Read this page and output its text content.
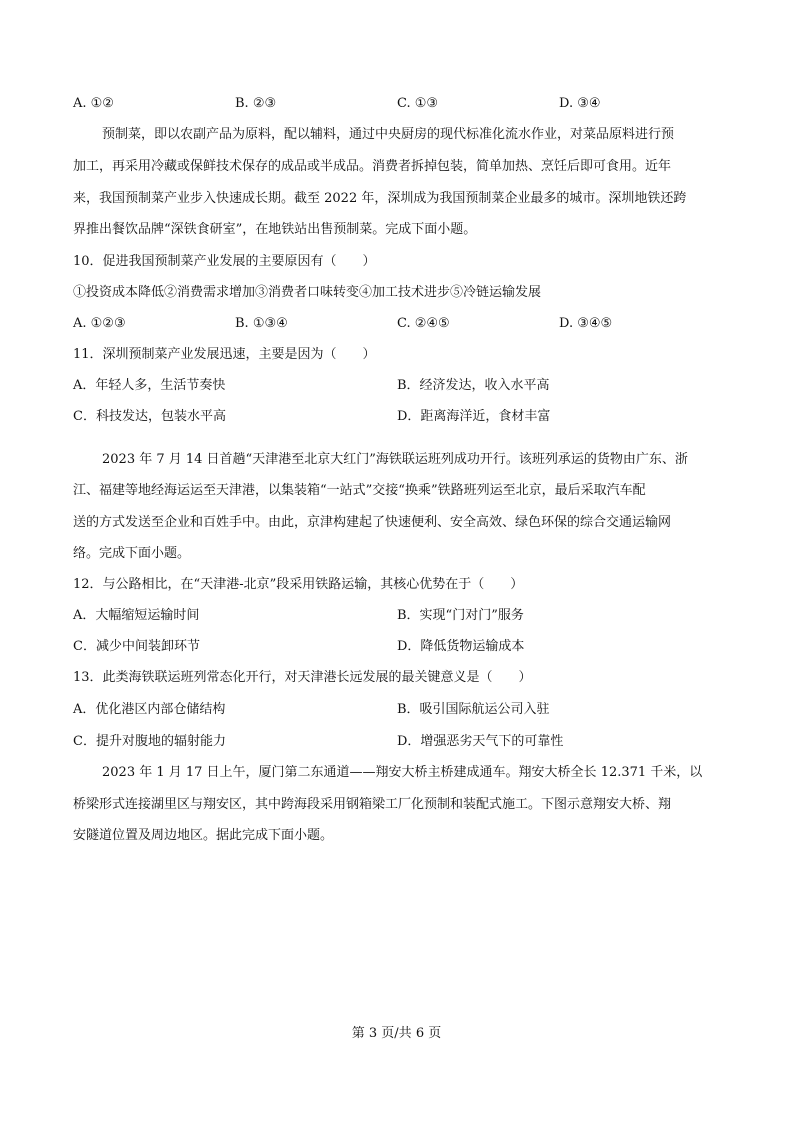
A. ①②	B. ②③	C. ①③	D. ③④
预制菜，即以农副产品为原料，配以辅料，通过中央厨房的现代标准化流水作业，对菜品原料进行预
加工，再采用冷藏或保鲜技术保存的成品或半成品。消费者拆掉包装，简单加热、烹饪后即可食用。近年
来，我国预制菜产业步入快速成长期。截至 2022 年，深圳成为我国预制菜企业最多的城市。深圳地铁还跨
界推出餐饮品牌“深铁食研室”，在地铁站出售预制菜。完成下面小题。
10．促进我国预制菜产业发展的主要原因有（　　）
①投资成本降低②消费需求增加③消费者口味转变④加工技术进步⑤冷链运输发展
A. ①②③	B. ①③④	C. ②④⑤	D. ③④⑤
11．深圳预制菜产业发展迅速，主要是因为（　　）
A．年轻人多，生活节奏快	B．经济发达，收入水平高
C．科技发达，包装水平高	D．距离海洋近，食材丰富
2023 年 7 月 14 日首趟“天津港至北京大红门”海铁联运班列成功开行。该班列承运的货物由广东、浙
江、福建等地经海运运至天津港，以集装箱“一站式”交接“换乘”铁路班列运至北京，最后采取汽车配
送的方式发送至企业和百姓手中。由此，京津构建起了快速便利、安全高效、绿色环保的综合交通运输网
络。完成下面小题。
12．与公路相比，在“天津港-北京”段采用铁路运输，其核心优势在于（　　）
A．大幅缩短运输时间	B．实现“门对门”服务
C．减少中间装卸环节	D．降低货物运输成本
13．此类海铁联运班列常态化开行，对天津港长远发展的最关键意义是（　　）
A．优化港区内部仓储结构	B．吸引国际航运公司入驻
C．提升对腹地的辐射能力	D．增强恶劣天气下的可靠性
2023 年 1 月 17 日上午，厦门第二东通道——翔安大桥主桥建成通车。翔安大桥全长 12.371 千米，以
桥梁形式连接湖里区与翔安区，其中跨海段采用钢箱梁工厂化预制和装配式施工。下图示意翔安大桥、翔
安隧道位置及周边地区。据此完成下面小题。
第 3 页/共 6 页
